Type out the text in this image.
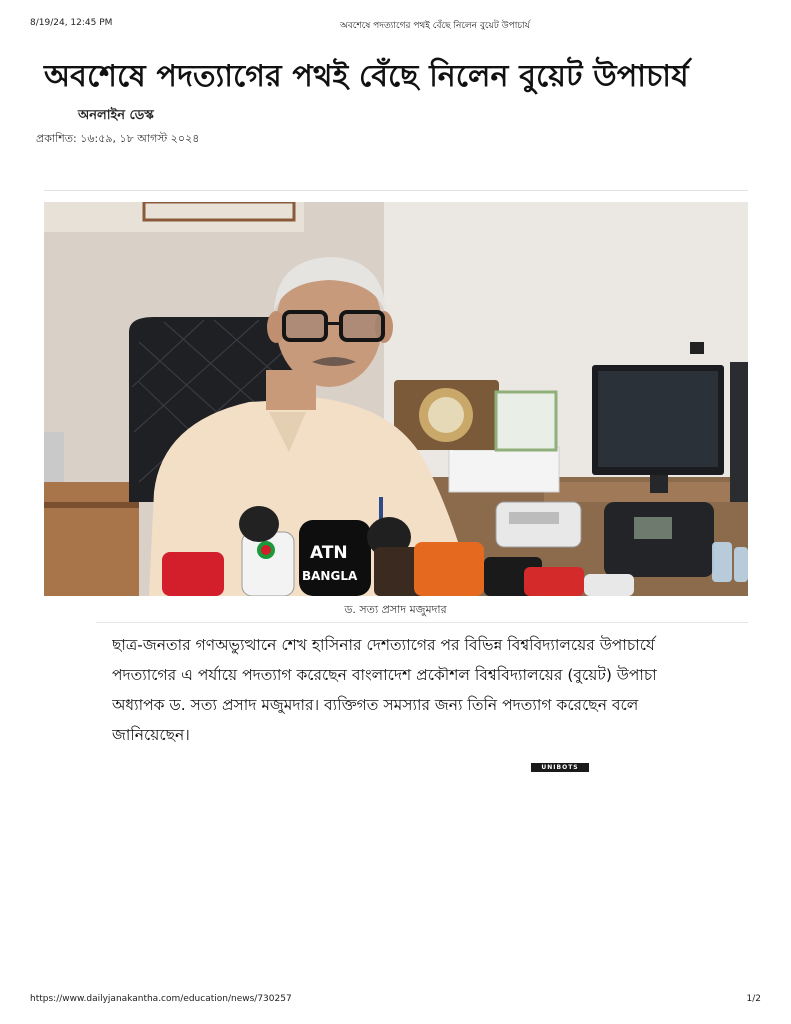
8/19/24, 12:45 PM	অবশেষে পদত্যাগের পথই বেঁছে নিলেন বুয়েট উপাচার্য
অবশেষে পদত্যাগের পথই বেঁছে নিলেন বুয়েট উপাচার্য
অনলাইন ডেস্ক
প্রকাশিত: ১৬:৫৯, ১৮ আগস্ট ২০২৪
ATN
BANGLA
ড. সত্য প্রসাদ মজুমদার
ছাত্র-জনতার গণঅভ্যুত্থানে শেখ হাসিনার দেশত্যাগের পর বিভিন্ন বিশ্ববিদ্যালয়ের উপাচার্যে
পদত্যাগের এ পর্যায়ে পদত্যাগ করেছেন বাংলাদেশ প্রকৌশল বিশ্ববিদ্যালয়ের (বুয়েট) উপাচা
অধ্যাপক ড. সত্য প্রসাদ মজুমদার। ব্যক্তিগত সমস্যার জন্য তিনি পদত্যাগ করেছেন বলে
জানিয়েছেন।
UNIBOTS
https://www.dailyjanakantha.com/education/news/730257	1/2
